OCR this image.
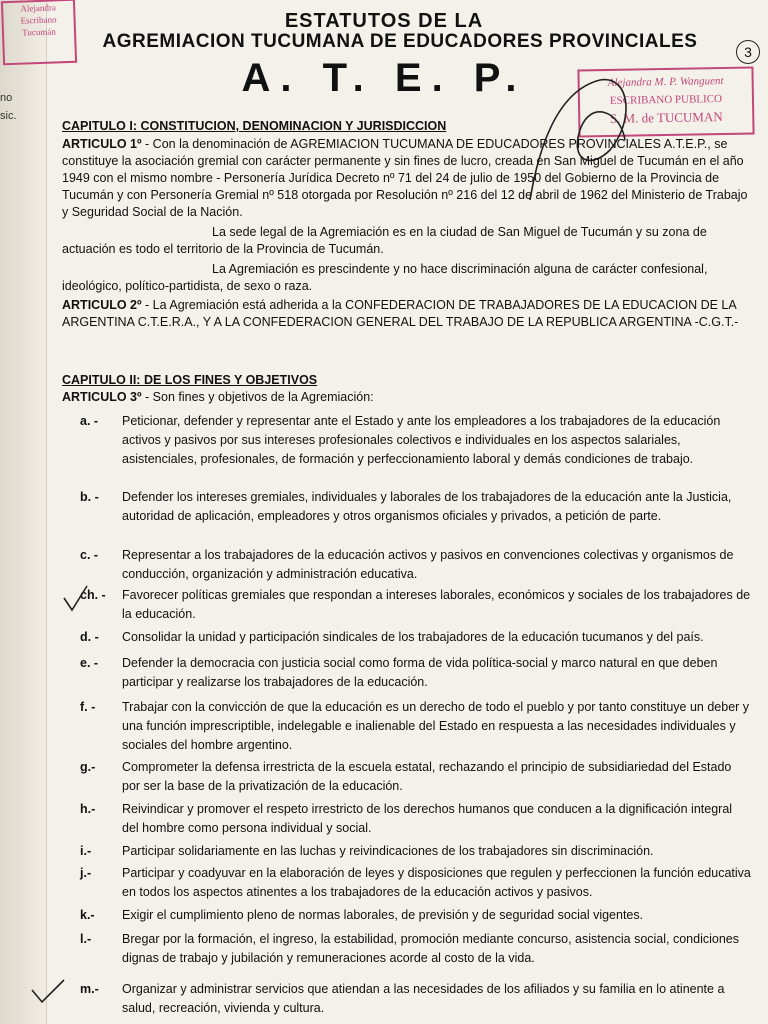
Alejandra
Escribano
Tucumán
no
sic.
ESTATUTOS DE LA
AGREMIACION TUCUMANA DE EDUCADORES PROVINCIALES
A. T. E. P.
3
Alejandra M. P. Wanguent
ESCRIBANO PUBLICO
S. M. de TUCUMAN
CAPITULO I: CONSTITUCION, DENOMINACION Y JURISDICCION
ARTICULO 1º - Con la denominación de AGREMIACION TUCUMANA DE EDUCADORES PROVINCIALES A.T.E.P., se constituye la asociación gremial con carácter permanente y sin fines de lucro, creada en San Miguel de Tucumán en el año 1949 con el mismo nombre - Personería Jurídica Decreto nº 71 del 24 de julio de 1950 del Gobierno de la Provincia de Tucumán y con Personería Gremial nº 518 otorgada por Resolución nº 216 del 12 de abril de 1962 del Ministerio de Trabajo y Seguridad Social de la Nación.
La sede legal de la Agremiación es en la ciudad de San Miguel de Tucumán y su zona de actuación es todo el territorio de la Provincia de Tucumán.
La Agremiación es prescindente y no hace discriminación alguna de carácter confesional, ideológico, político-partidista, de sexo o raza.
ARTICULO 2º - La Agremiación está adherida a la CONFEDERACION DE TRABAJADORES DE LA EDUCACION DE LA ARGENTINA C.T.E.R.A., Y A LA CONFEDERACION GENERAL DEL TRABAJO DE LA REPUBLICA ARGENTINA -C.G.T.-
CAPITULO II: DE LOS FINES Y OBJETIVOS
ARTICULO 3º - Son fines y objetivos de la Agremiación:
a. -	Peticionar, defender y representar ante el Estado y ante los empleadores a los trabajadores de la educación activos y pasivos por sus intereses profesionales colectivos e individuales en los aspectos salariales, asistenciales, profesionales, de formación y perfeccionamiento laboral y demás condiciones de trabajo.
b. -	Defender los intereses gremiales, individuales y laborales de los trabajadores de la educación ante la Justicia, autoridad de aplicación, empleadores y otros organismos oficiales y privados, a petición de parte.
c. -	Representar a los trabajadores de la educación activos y pasivos en convenciones colectivas y organismos de conducción, organización y administración educativa.
ch. -	Favorecer políticas gremiales que respondan a intereses laborales, económicos y sociales de los trabajadores de la educación.
d. -	Consolidar la unidad y participación sindicales de los trabajadores de la educación tucumanos y del país.
e. -	Defender la democracia con justicia social como forma de vida política-social y marco natural en que deben participar y realizarse los trabajadores de la educación.
f. -	Trabajar con la convicción de que la educación es un derecho de todo el pueblo y por tanto constituye un deber y una función imprescriptible, indelegable e inalienable del Estado en respuesta a las necesidades individuales y sociales del hombre argentino.
g.-	Comprometer la defensa irrestricta de la escuela estatal, rechazando el principio de subsidiariedad del Estado por ser la base de la privatización de la educación.
h.-	Reivindicar y promover el respeto irrestricto de los derechos humanos que conducen a la dignificación integral del hombre como persona individual y social.
i.-	Participar solidariamente en las luchas y reivindicaciones de los trabajadores sin discriminación.
j.-	Participar y coadyuvar en la elaboración de leyes y disposiciones que regulen y perfeccionen la función educativa en todos los aspectos atinentes a los trabajadores de la educación activos y pasivos.
k.-	Exigir el cumplimiento pleno de normas laborales, de previsión y de seguridad social vigentes.
l.-	Bregar por la formación, el ingreso, la estabilidad, promoción mediante concurso, asistencia social, condiciones dignas de trabajo y jubilación y remuneraciones acorde al costo de la vida.
m.-	Organizar y administrar servicios que atiendan a las necesidades de los afiliados y su familia en lo atinente a salud, recreación, vivienda y cultura.
